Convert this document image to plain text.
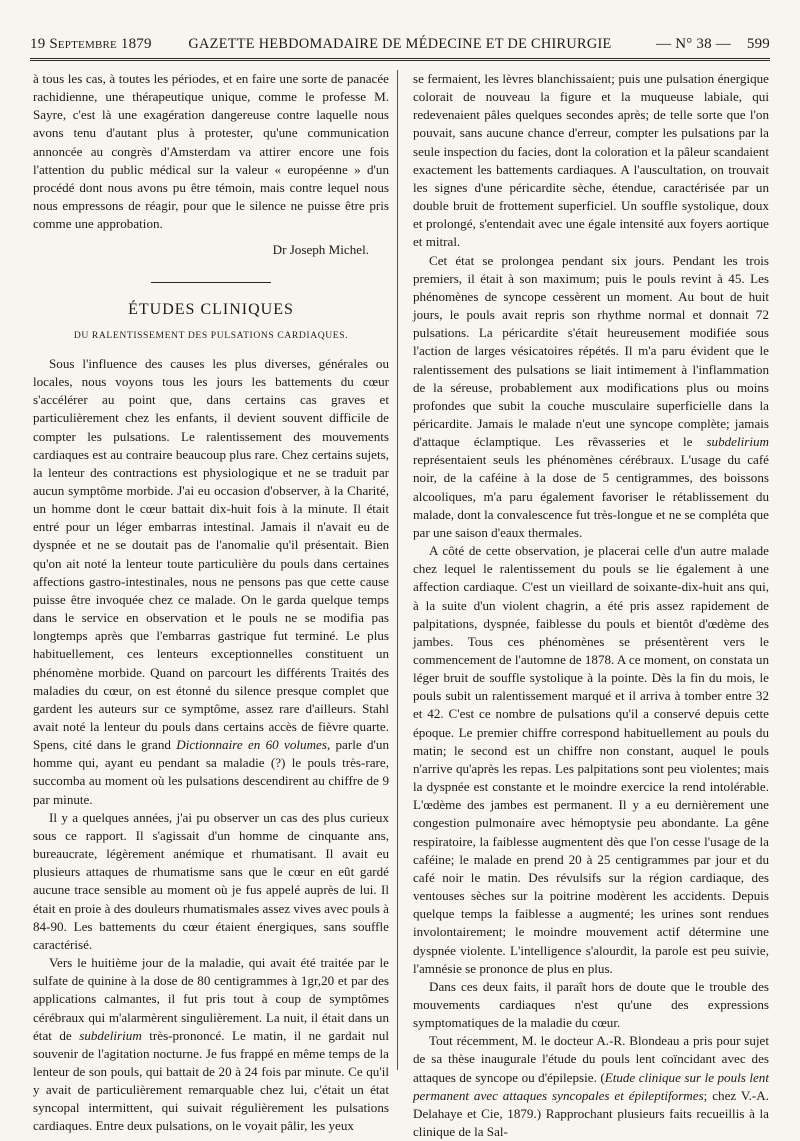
19 Septembre 1879	GAZETTE HEBDOMADAIRE DE MÉDECINE ET DE CHIRURGIE	— N° 38 — 599

à tous les cas, à toutes les périodes, et en faire une sorte de panacée rachidienne, une thérapeutique unique, comme le professe M. Sayre, c'est là une exagération dangereuse contre laquelle nous avons tenu d'autant plus à protester, qu'une communication annoncée au congrès d'Amsterdam va attirer encore une fois l'attention du public médical sur la valeur « européenne » d'un procédé dont nous avons pu être témoin, mais contre lequel nous nous empressons de réagir, pour que le silence ne puisse être pris comme une approbation.

Dr Joseph Michel.
ÉTUDES CLINIQUES
DU RALENTISSEMENT DES PULSATIONS CARDIAQUES.

Sous l'influence des causes les plus diverses, générales ou locales, nous voyons tous les jours les battements du cœur s'accélérer au point que, dans certains cas graves et particulièrement chez les enfants, il devient souvent difficile de compter les pulsations. Le ralentissement des mouvements cardiaques est au contraire beaucoup plus rare. Chez certains sujets, la lenteur des contractions est physiologique et ne se traduit par aucun symptôme morbide. J'ai eu occasion d'observer, à la Charité, un homme dont le cœur battait dix-huit fois à la minute. Il était entré pour un léger embarras intestinal. Jamais il n'avait eu de dyspnée et ne se doutait pas de l'anomalie qu'il présentait. Bien qu'on ait noté la lenteur toute particulière du pouls dans certaines affections gastro-intestinales, nous ne pensons pas que cette cause puisse être invoquée chez ce malade. On le garda quelque temps dans le service en observation et le pouls ne se modifia pas longtemps après que l'embarras gastrique fut terminé. Le plus habituellement, ces lenteurs exceptionnelles constituent un phénomène morbide. Quand on parcourt les différents Traités des maladies du cœur, on est étonné du silence presque complet que gardent les auteurs sur ce symptôme, assez rare d'ailleurs. Stahl avait noté la lenteur du pouls dans certains accès de fièvre quarte. Spens, cité dans le grand Dictionnaire en 60 volumes, parle d'un homme qui, ayant eu pendant sa maladie (?) le pouls très-rare, succomba au moment où les pulsations descendirent au chiffre de 9 par minute.

Il y a quelques années, j'ai pu observer un cas des plus curieux sous ce rapport. Il s'agissait d'un homme de cinquante ans, bureaucrate, légèrement anémique et rhumatisant. Il avait eu plusieurs attaques de rhumatisme sans que le cœur en eût gardé aucune trace sensible au moment où je fus appelé auprès de lui. Il était en proie à des douleurs rhumatismales assez vives avec pouls à 84-90. Les battements du cœur étaient énergiques, sans souffle caractérisé.

Vers le huitième jour de la maladie, qui avait été traitée par le sulfate de quinine à la dose de 80 centigrammes à 1gr,20 et par des applications calmantes, il fut pris tout à coup de symptômes cérébraux qui m'alarmèrent singulièrement. La nuit, il était dans un état de subdelirium très-prononcé. Le matin, il ne gardait nul souvenir de l'agitation nocturne. Je fus frappé en même temps de la lenteur de son pouls, qui battait de 20 à 24 fois par minute. Ce qu'il y avait de particulièrement remarquable chez lui, c'était un état syncopal intermittent, qui suivait régulièrement les pulsations cardiaques. Entre deux pulsations, on le voyait pâlir, les yeux

se fermaient, les lèvres blanchissaient; puis une pulsation énergique colorait de nouveau la figure et la muqueuse labiale, qui redevenaient pâles quelques secondes après; de telle sorte que l'on pouvait, sans aucune chance d'erreur, compter les pulsations par la seule inspection du facies, dont la coloration et la pâleur scandaient exactement les battements cardiaques. A l'auscultation, on trouvait les signes d'une péricardite sèche, étendue, caractérisée par un double bruit de frottement superficiel. Un souffle systolique, doux et prolongé, s'entendait avec une égale intensité aux foyers aortique et mitral.

Cet état se prolongea pendant six jours. Pendant les trois premiers, il était à son maximum; puis le pouls revint à 45. Les phénomènes de syncope cessèrent un moment. Au bout de huit jours, le pouls avait repris son rhythme normal et donnait 72 pulsations. La péricardite s'était heureusement modifiée sous l'action de larges vésicatoires répétés. Il m'a paru évident que le ralentissement des pulsations se liait intimement à l'inflammation de la séreuse, probablement aux modifications plus ou moins profondes que subit la couche musculaire superficielle dans la péricardite. Jamais le malade n'eut une syncope complète; jamais d'attaque éclamptique. Les rêvasseries et le subdelirium représentaient seuls les phénomènes cérébraux. L'usage du café noir, de la caféine à la dose de 5 centigrammes, des boissons alcooliques, m'a paru également favoriser le rétablissement du malade, dont la convalescence fut très-longue et ne se compléta que par une saison d'eaux thermales.

A côté de cette observation, je placerai celle d'un autre malade chez lequel le ralentissement du pouls se lie également à une affection cardiaque. C'est un vieillard de soixante-dix-huit ans qui, à la suite d'un violent chagrin, a été pris assez rapidement de palpitations, dyspnée, faiblesse du pouls et bientôt d'œdème des jambes. Tous ces phénomènes se présentèrent vers le commencement de l'automne de 1878. A ce moment, on constata un léger bruit de souffle systolique à la pointe. Dès la fin du mois, le pouls subit un ralentissement marqué et il arriva à tomber entre 32 et 42. C'est ce nombre de pulsations qu'il a conservé depuis cette époque. Le premier chiffre correspond habituellement au pouls du matin; le second est un chiffre non constant, auquel le pouls n'arrive qu'après les repas. Les palpitations sont peu violentes; mais la dyspnée est constante et le moindre exercice la rend intolérable. L'œdème des jambes est permanent. Il y a eu dernièrement une congestion pulmonaire avec hémoptysie peu abondante. La gêne respiratoire, la faiblesse augmentent dès que l'on cesse l'usage de la caféine; le malade en prend 20 à 25 centigrammes par jour et du café noir le matin. Des révulsifs sur la région cardiaque, des ventouses sèches sur la poitrine modèrent les accidents. Depuis quelque temps la faiblesse a augmenté; les urines sont rendues involontairement; le moindre mouvement actif détermine une dyspnée violente. L'intelligence s'alourdit, la parole est peu suivie, l'amnésie se prononce de plus en plus.

Dans ces deux faits, il paraît hors de doute que le trouble des mouvements cardiaques n'est qu'une des expressions symptomatiques de la maladie du cœur.

Tout récemment, M. le docteur A.-R. Blondeau a pris pour sujet de sa thèse inaugurale l'étude du pouls lent coïncidant avec des attaques de syncope ou d'épilepsie. (Etude clinique sur le pouls lent permanent avec attaques syncopales et épileptiformes; chez V.-A. Delahaye et Cie, 1879.) Rapprochant plusieurs faits recueillis à la clinique de la Sal-
